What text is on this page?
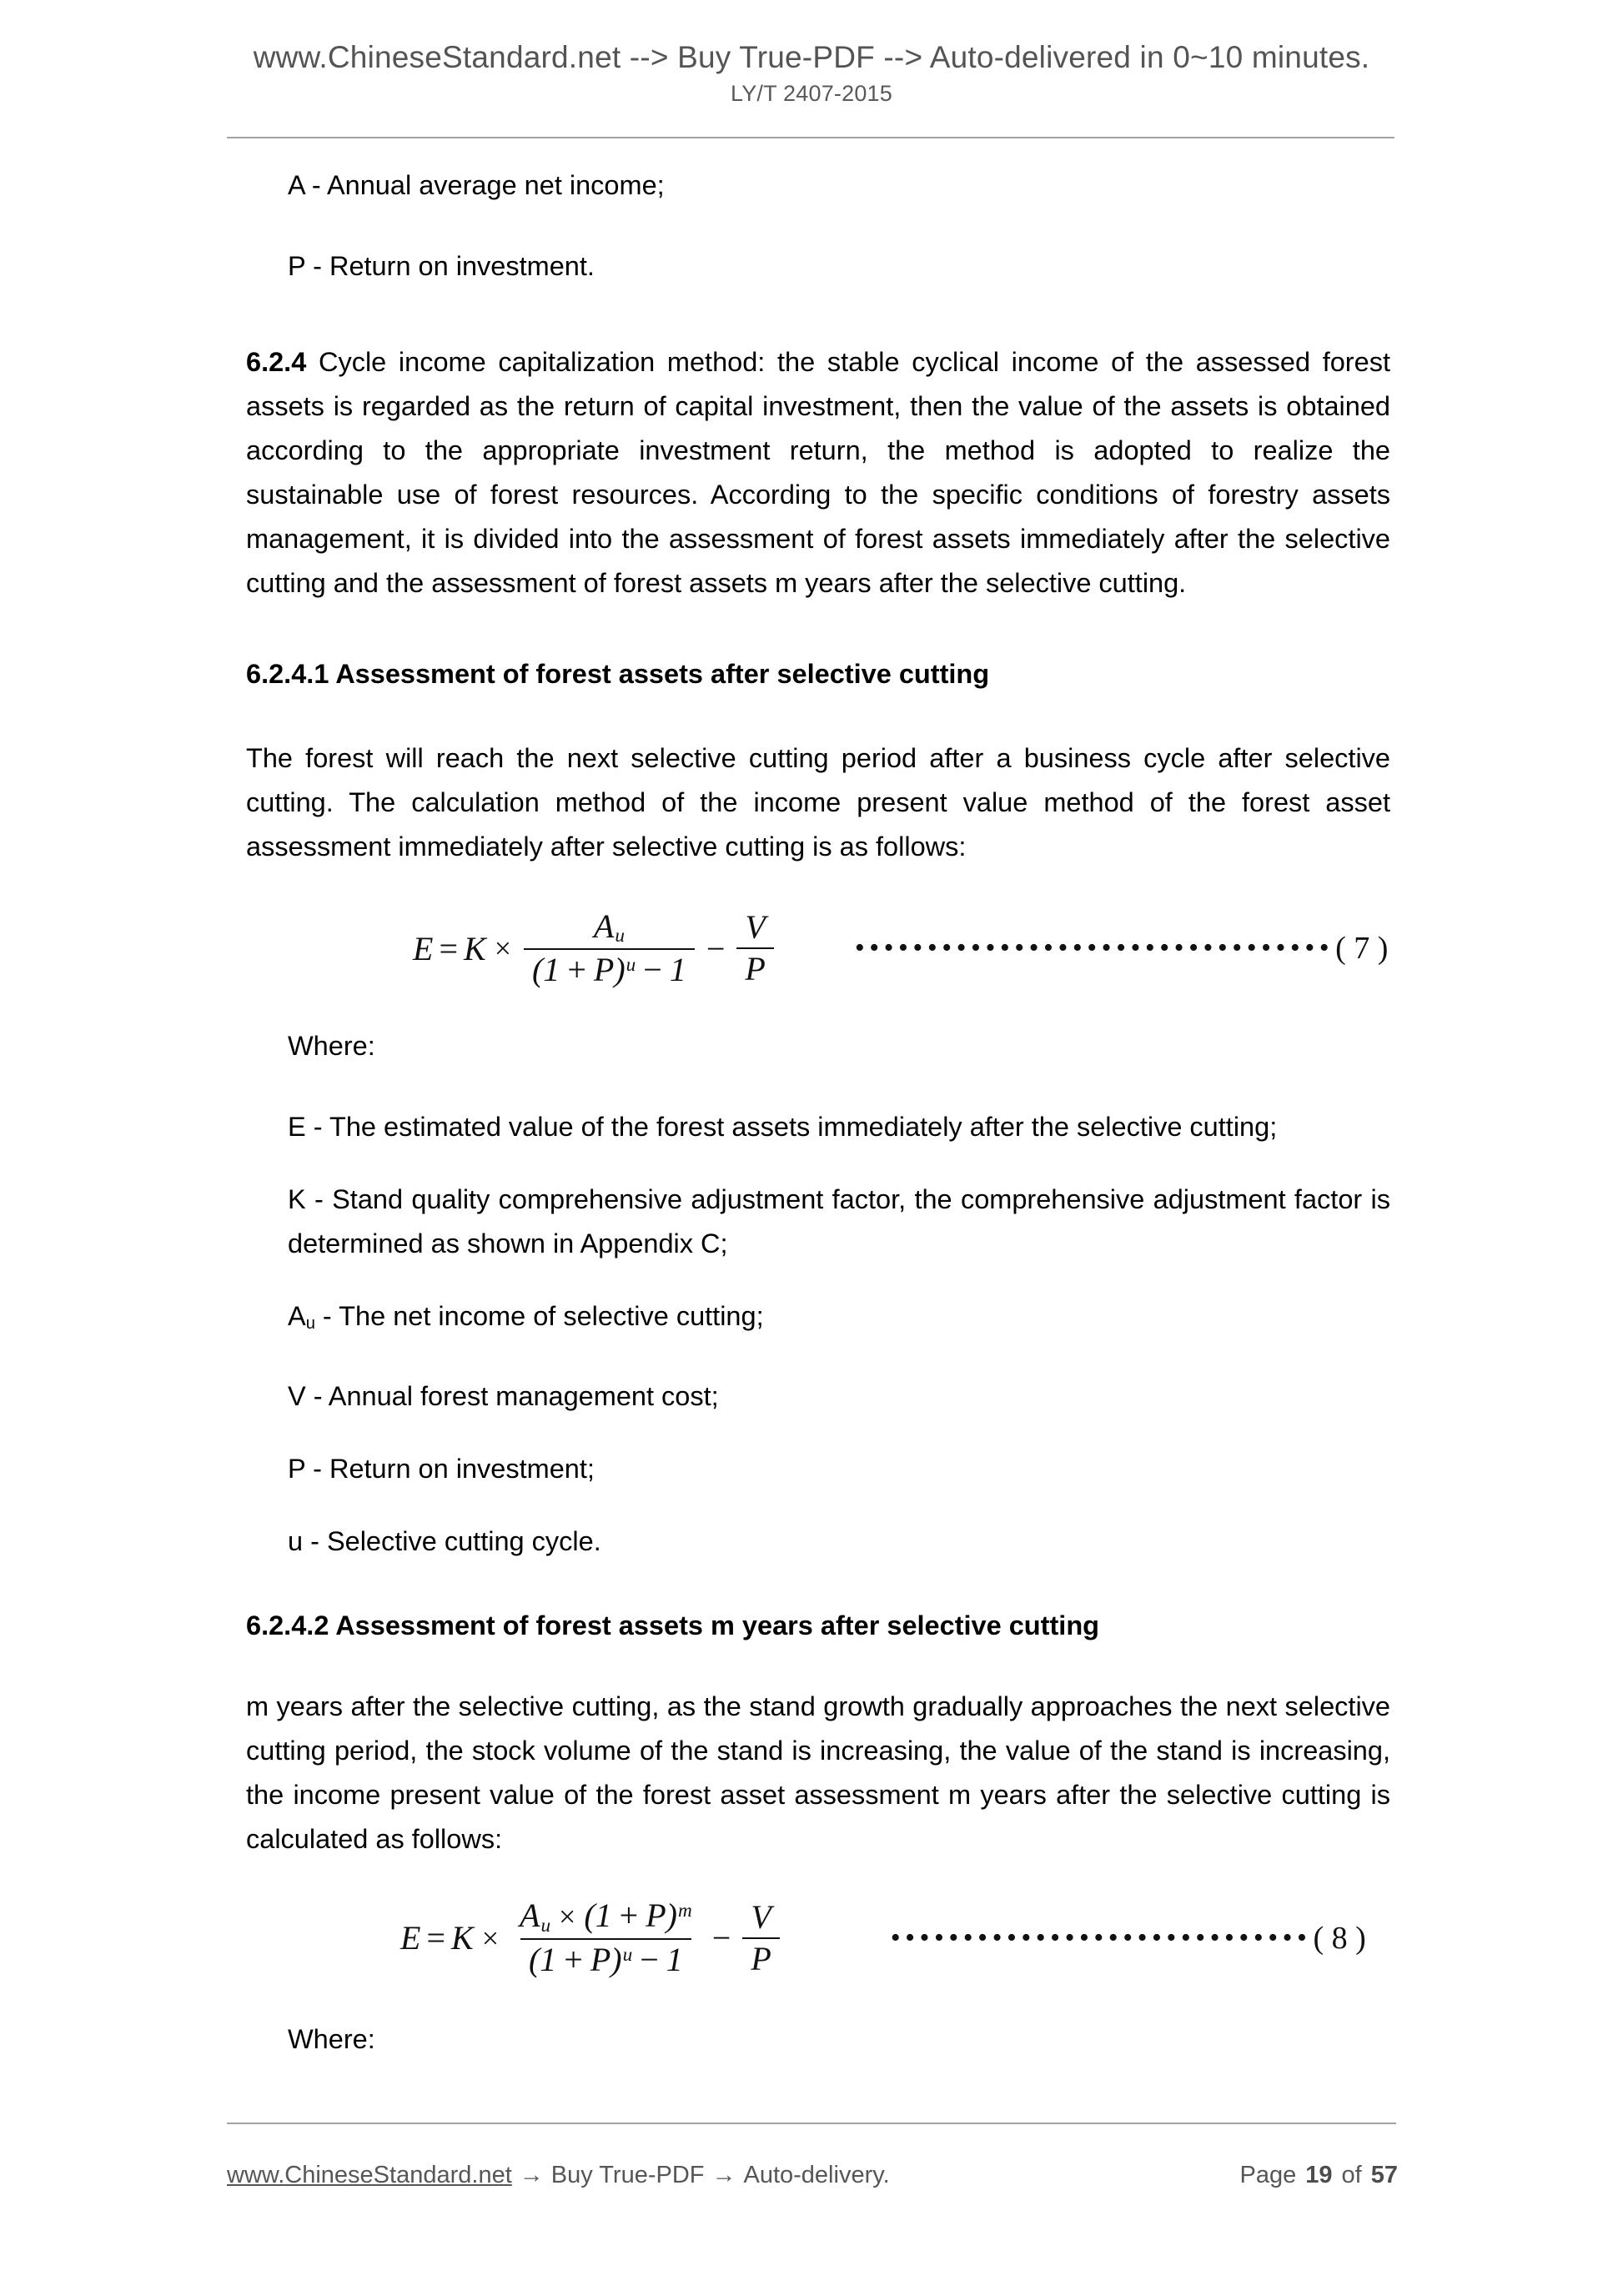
www.ChineseStandard.net --> Buy True-PDF --> Auto-delivered in 0~10 minutes.
LY/T 2407-2015
A - Annual average net income;
P - Return on investment.

6.2.4 Cycle income capitalization method: the stable cyclical income of the assessed forest assets is regarded as the return of capital investment, then the value of the assets is obtained according to the appropriate investment return, the method is adopted to realize the sustainable use of forest resources. According to the specific conditions of forestry assets management, it is divided into the assessment of forest assets immediately after the selective cutting and the assessment of forest assets m years after the selective cutting.

6.2.4.1 Assessment of forest assets after selective cutting

The forest will reach the next selective cutting period after a business cycle after selective cutting. The calculation method of the income present value method of the forest asset assessment immediately after selective cutting is as follows:

$E = K \times \frac{A_u}{(1 + P)^u - 1} - \frac{V}{P}$	••••••••••••••••••••••••••••••••• ( 7 )
Where:
E - The estimated value of the forest assets immediately after the selective cutting;
K - Stand quality comprehensive adjustment factor, the comprehensive adjustment factor is determined as shown in Appendix C;
$A_u$ - The net income of selective cutting;
V - Annual forest management cost;
P - Return on investment;
u - Selective cutting cycle.
6.2.4.2 Assessment of forest assets m years after selective cutting

m years after the selective cutting, as the stand growth gradually approaches the next selective cutting period, the stock volume of the stand is increasing, the value of the stand is increasing, the income present value of the forest asset assessment m years after the selective cutting is calculated as follows:

$E = K \times \frac{A_u \times (1 + P)^m}{(1 + P)^u - 1} - \frac{V}{P}$	••••••••••••••••••••••••••••• ( 8 )
Where:
www.ChineseStandard.net → Buy True-PDF → Auto-delivery.	Page 19 of 57
